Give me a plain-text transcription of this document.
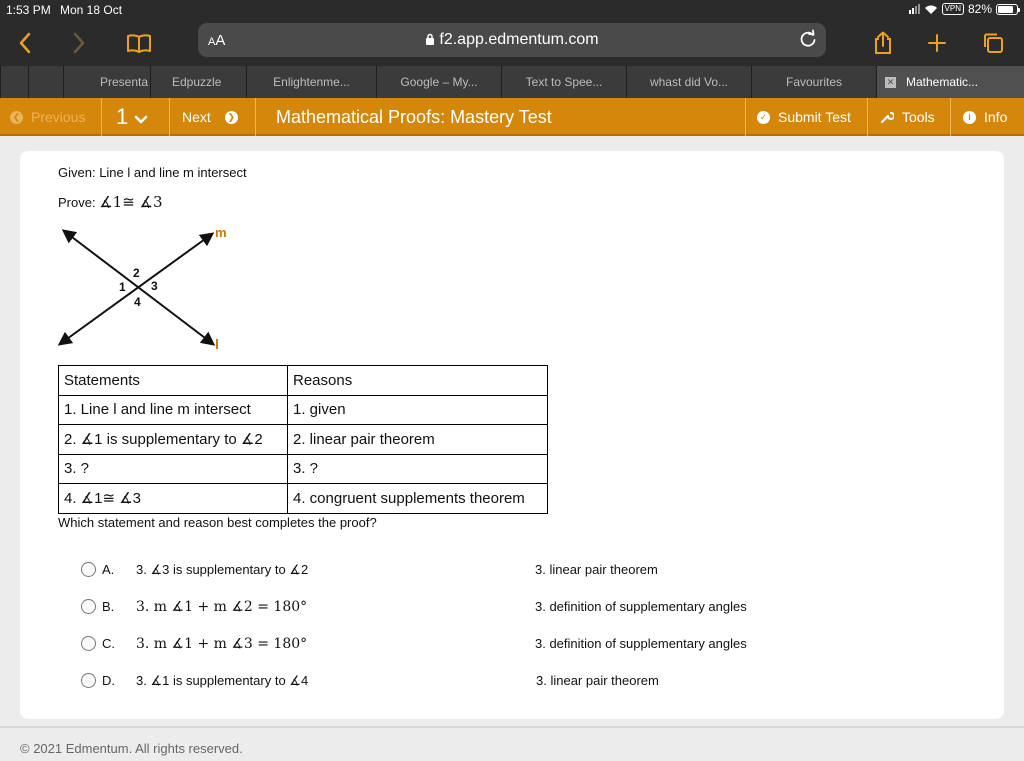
1:53 PM Mon 18 Oct	VPN 82%
AA	f2.app.edmentum.com
Presenta Edpuzzle	Enlightenme...	Google – My...	Text to Spee...	whast did Vo...	Favourites	✕ Mathematic...
❮ Previous 1	Next	❯ Mathematical Proofs: Mastery Test	✓ Submit Test	Tools	i Info
Given: Line l and line m intersect
Prove: ∡1≅ ∡3
m
l
1
2
3
4
Statements	Reasons
1. Line l and line m intersect	1. given
2. ∡1 is supplementary to ∡2	2. linear pair theorem
3. ?	3. ?
4. ∡1≅ ∡3	4. congruent supplements theorem
Which statement and reason best completes the proof?
A. 3. ∡3 is supplementary to ∡2	3. linear pair theorem
B. 3. m ∡1 + m ∡2 = 180°	3. definition of supplementary angles
C. 3. m ∡1 + m ∡3 = 180°	3. definition of supplementary angles
D. 3. ∡1 is supplementary to ∡4	3. linear pair theorem
© 2021 Edmentum. All rights reserved.
